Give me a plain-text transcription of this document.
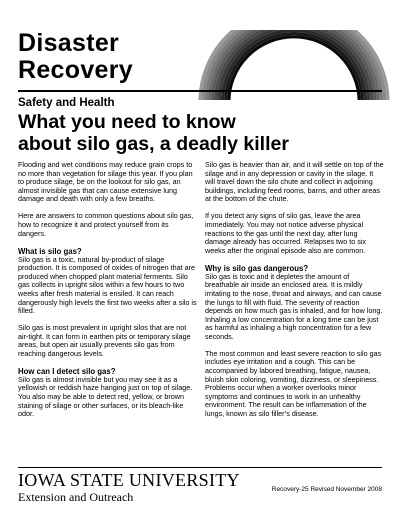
Disaster
Recovery
Safety and Health
What you need to know
about silo gas, a deadly killer

Flooding and wet conditions may reduce grain crops to no more than vegetation for silage this year. If you plan to produce silage, be on the lookout for silo gas, an almost invisible gas that can cause extensive lung damage and death with only a few breaths.

Here are answers to common questions about silo gas, how to recognize it and protect yourself from its dangers.

What is silo gas?

Silo gas is a toxic, natural by-product of silage production. It is composed of oxides of nitrogen that are produced when chopped plant material ferments. Silo gas collects in upright silos within a few hours to two weeks after fresh material is ensiled. It can reach dangerously high levels the first two weeks after a silo is filled.

Silo gas is most prevalent in upright silos that are not air-tight. It can form in earthen pits or temporary silage areas, but open air usually prevents silo gas from reaching dangerous levels.

How can I detect silo gas?

Silo gas is almost invisible but you may see it as a yellowish or reddish haze hanging just on top of silage. You also may be able to detect red, yellow, or brown staining of silage or other surfaces, or its bleach-like odor.

Silo gas is heavier than air, and it will settle on top of the silage and in any depression or cavity in the silage. It will travel down the silo chute and collect in adjoining buildings, including feed rooms, barns, and other areas at the bottom of the chute.

If you detect any signs of silo gas, leave the area immediately. You may not notice adverse physical reactions to the gas until the next day, after lung damage already has occurred. Relapses two to six weeks after the original episode also are common.

Why is silo gas dangerous?

Silo gas is toxic and it depletes the amount of breathable air inside an enclosed area. It is mildly irritating to the nose, throat and airways, and can cause the lungs to fill with fluid. The severity of reaction depends on how much gas is inhaled, and for how long. Inhaling a low concentration for a long time can be just as harmful as inhaling a high concentration for a few seconds.

The most common and least severe reaction to silo gas includes eye irritation and a cough. This can be accompanied by labored breathing, fatigue, nausea, bluish skin coloring, vomiting, dizziness, or sleepiness. Problems occur when a worker overlooks minor symptoms and continues to work in an unhealthy environment. The result can be inflammation of the lungs, known as silo filler’s disease.

IOWA STATE UNIVERSITY
Extension and Outreach
Recovery-25 Revised November 2008
